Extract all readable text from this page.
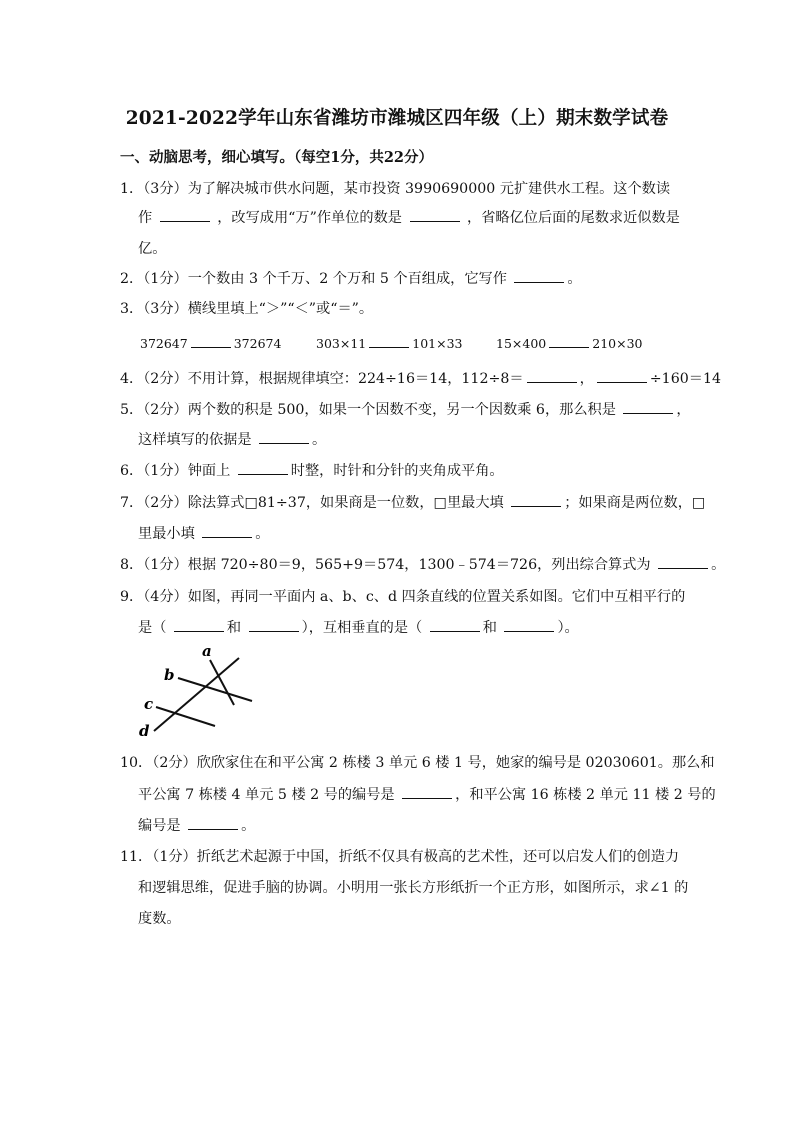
2021-2022学年山东省潍坊市潍城区四年级（上）期末数学试卷
一、动脑思考，细心填写。（每空1分，共22分）
1．（3分）为了解决城市供水问题，某市投资 3990690000 元扩建供水工程。这个数读
作	，改写成用“万”作单位的数是	，省略亿位后面的尾数求近似数是
亿。
2．（1分）一个数由 3 个千万、2 个万和 5 个百组成，它写作	。
3．（3分）横线里填上“＞”“＜”或“＝”。
372647	372674	303×11	101×33	15×400	210×30
4．（2分）不用计算，根据规律填空：224÷16＝14，112÷8＝	，	÷160＝14
5．（2分）两个数的积是 500，如果一个因数不变，另一个因数乘 6，那么积是	，
这样填写的依据是	。
6．（1分）钟面上	时整，时针和分针的夹角成平角。
7．（2分）除法算式□81÷37，如果商是一位数，□里最大填	；如果商是两位数，□
里最小填	。
8．（1分）根据 720÷80＝9，565+9＝574，1300﹣574＝726，列出综合算式为	。
9．（4分）如图，再同一平面内 a、b、c、d 四条直线的位置关系如图。它们中互相平行的
是（	和	），互相垂直的是（	和	）。
a
b
c
d
10．（2分）欣欣家住在和平公寓 2 栋楼 3 单元 6 楼 1 号，她家的编号是 02030601。那么和
平公寓 7 栋楼 4 单元 5 楼 2 号的编号是	，和平公寓 16 栋楼 2 单元 11 楼 2 号的
编号是	。
11．（1分）折纸艺术起源于中国，折纸不仅具有极高的艺术性，还可以启发人们的创造力
和逻辑思维，促进手脑的协调。小明用一张长方形纸折一个正方形，如图所示，求∠1 的
度数。
